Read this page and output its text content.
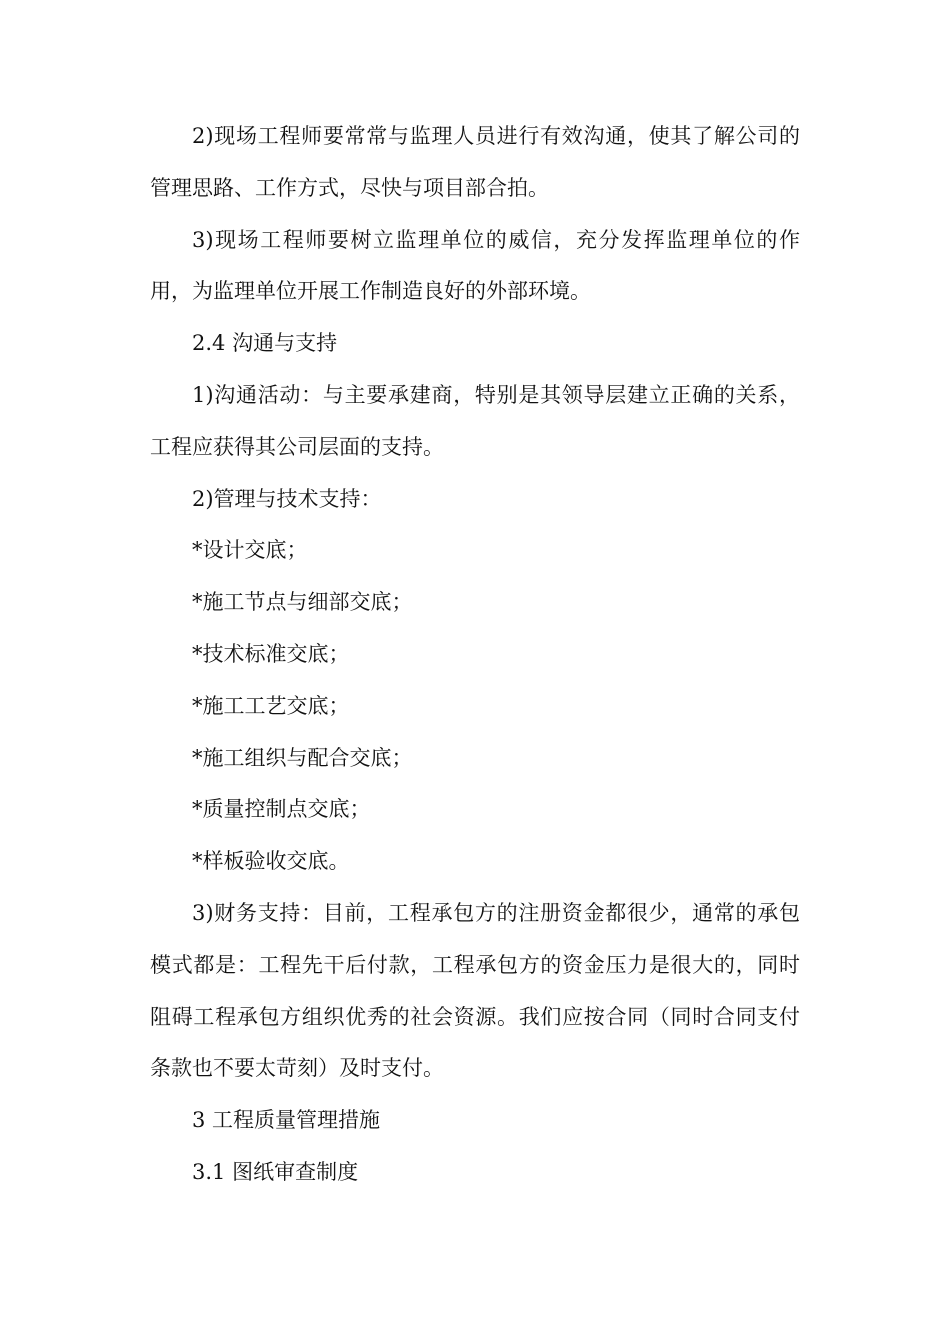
2)现场工程师要常常与监理人员进行有效沟通，使其了解公司的管理思路、工作方式，尽快与项目部合拍。

3)现场工程师要树立监理单位的威信，充分发挥监理单位的作用，为监理单位开展工作制造良好的外部环境。

2.4 沟通与支持

1)沟通活动：与主要承建商，特别是其领导层建立正确的关系，工程应获得其公司层面的支持。

2)管理与技术支持：

*设计交底；

*施工节点与细部交底；

*技术标准交底；

*施工工艺交底；

*施工组织与配合交底；

*质量控制点交底；

*样板验收交底。

3)财务支持：目前，工程承包方的注册资金都很少，通常的承包模式都是：工程先干后付款，工程承包方的资金压力是很大的，同时阻碍工程承包方组织优秀的社会资源。我们应按合同（同时合同支付条款也不要太苛刻）及时支付。

3 工程质量管理措施

3.1 图纸审查制度
